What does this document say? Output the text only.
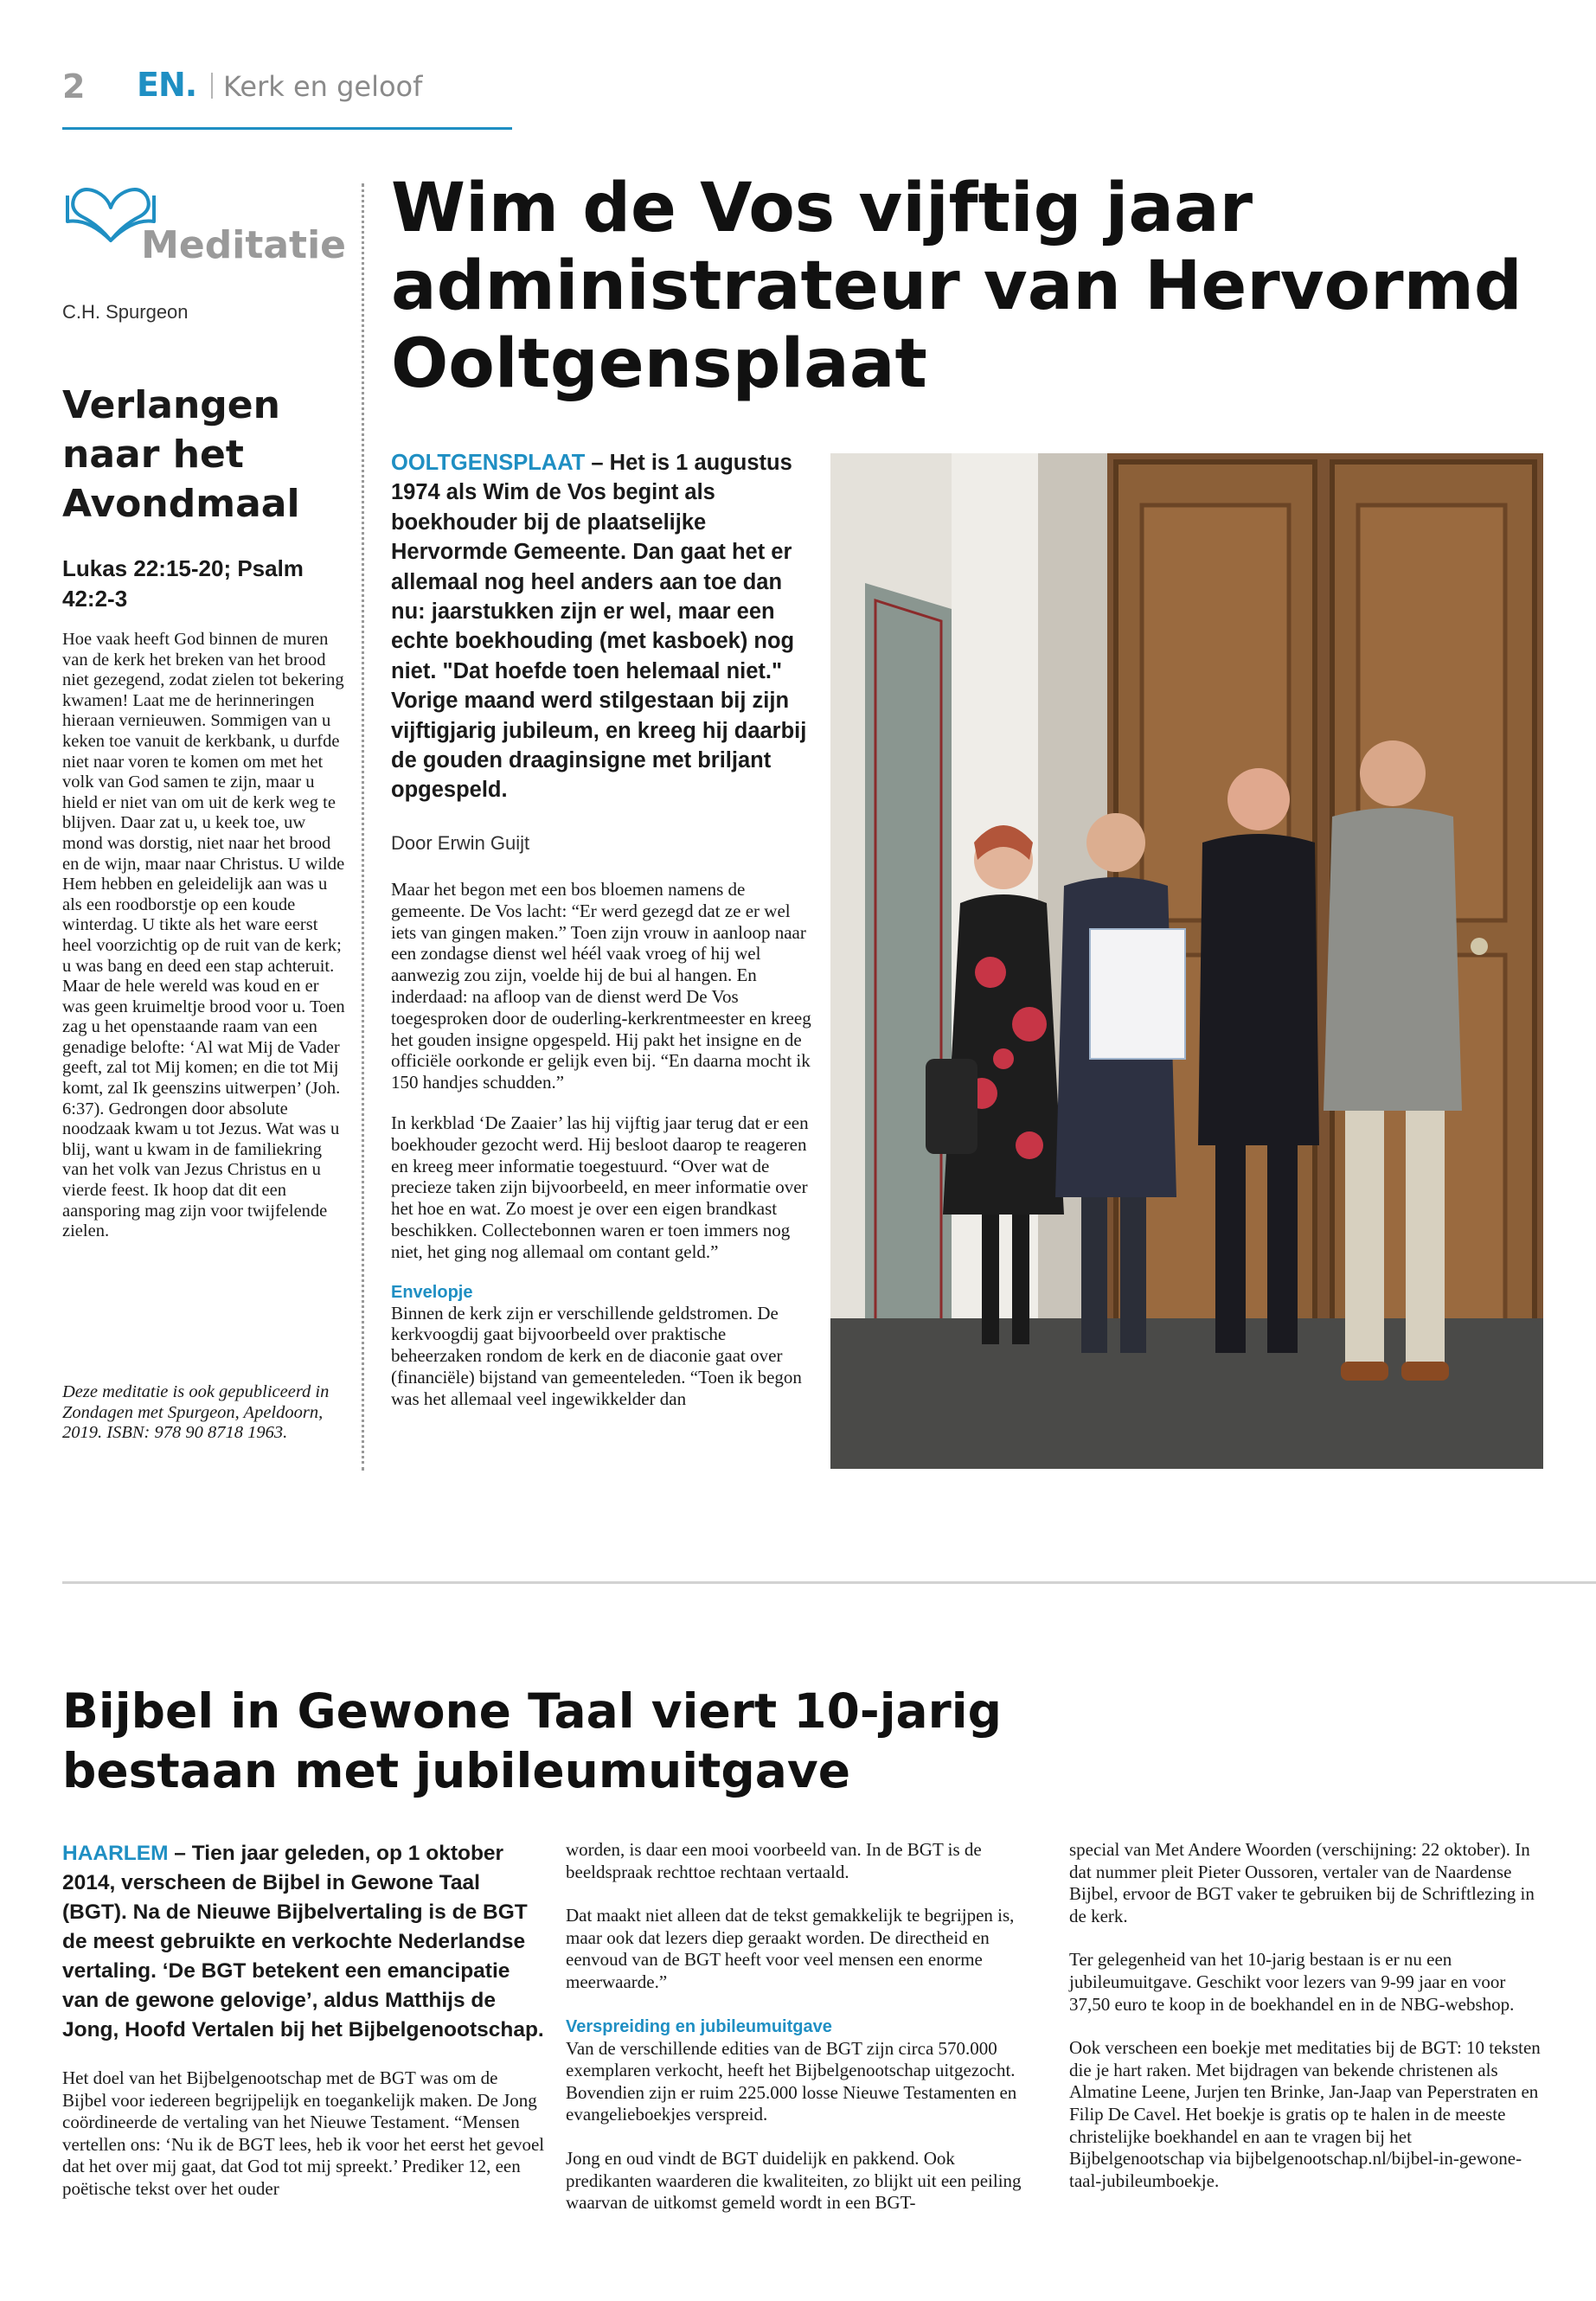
2 EN. Kerk en geloof
Meditatie
C.H. Spurgeon
Verlangen naar het Avondmaal
Lukas 22:15-20; Psalm 42:2-3
Hoe vaak heeft God binnen de muren van de kerk het breken van het brood niet gezegend, zodat zielen tot bekering kwamen! Laat me de herinneringen hieraan vernieuwen. Sommigen van u keken toe vanuit de kerkbank, u durfde niet naar voren te komen om met het volk van God samen te zijn, maar u hield er niet van om uit de kerk weg te blijven. Daar zat u, u keek toe, uw mond was dorstig, niet naar het brood en de wijn, maar naar Christus. U wilde Hem hebben en geleidelijk aan was u als een roodborstje op een koude winterdag. U tikte als het ware eerst heel voorzichtig op de ruit van de kerk; u was bang en deed een stap achteruit. Maar de hele wereld was koud en er was geen kruimeltje brood voor u. Toen zag u het openstaande raam van een genadige belofte: ‘Al wat Mij de Vader geeft, zal tot Mij komen; en die tot Mij komt, zal Ik geenszins uitwerpen’ (Joh. 6:37). Gedrongen door absolute noodzaak kwam u tot Jezus. Wat was u blij, want u kwam in de familiekring van het volk van Jezus Christus en u vierde feest. Ik hoop dat dit een aansporing mag zijn voor twijfelende zielen.
Deze meditatie is ook gepubliceerd in Zondagen met Spurgeon, Apeldoorn, 2019. ISBN: 978 90 8718 1963.
Wim de Vos vijftig jaar administrateur van Hervormd Ooltgensplaat
OOLTGENSPLAAT – Het is 1 augustus 1974 als Wim de Vos begint als boekhouder bij de plaatselijke Hervormde Gemeente. Dan gaat het er allemaal nog heel anders aan toe dan nu: jaarstukken zijn er wel, maar een echte boekhouding (met kasboek) nog niet. "Dat hoefde toen helemaal niet." Vorige maand werd stilgestaan bij zijn vijftigjarig jubileum, en kreeg hij daarbij de gouden draaginsigne met briljant opgespeld.
Door Erwin Guijt

Maar het begon met een bos bloemen namens de gemeente. De Vos lacht: “Er werd gezegd dat ze er wel iets van gingen maken.” Toen zijn vrouw in aanloop naar een zondagse dienst wel héél vaak vroeg of hij wel aanwezig zou zijn, voelde hij de bui al hangen. En inderdaad: na afloop van de dienst werd De Vos toegesproken door de ouderling-kerkrentmeester en kreeg het gouden insigne opgespeld. Hij pakt het insigne en de officiële oorkonde er gelijk even bij. “En daarna mocht ik 150 handjes schudden.”

In kerkblad ‘De Zaaier’ las hij vijftig jaar terug dat er een boekhouder gezocht werd. Hij besloot daarop te reageren en kreeg meer informatie toegestuurd. “Over wat de precieze taken zijn bijvoorbeeld, en meer informatie over het hoe en wat. Zo moest je over een eigen brandkast beschikken. Collectebonnen waren er toen immers nog niet, het ging nog allemaal om contant geld.”

Envelopje
Binnen de kerk zijn er verschillende geldstromen. De kerkvoogdij gaat bijvoorbeeld over praktische beheerzaken rondom de kerk en de diaconie gaat over (financiële) bijstand van gemeenteleden. “Toen ik begon was het allemaal veel ingewikkelder dan
Bijbel in Gewone Taal viert 10-jarig bestaan met jubileumuitgave

HAARLEM – Tien jaar geleden, op 1 oktober 2014, verscheen de Bijbel in Gewone Taal (BGT). Na de Nieuwe Bijbelvertaling is de BGT de meest gebruikte en verkochte Nederlandse vertaling. ‘De BGT betekent een emancipatie van de gewone gelovige’, aldus Matthijs de Jong, Hoofd Vertalen bij het Bijbelgenootschap.

Het doel van het Bijbelgenootschap met de BGT was om de Bijbel voor iedereen begrijpelijk en toegankelijk maken. De Jong coördineerde de vertaling van het Nieuwe Testament. “Mensen vertellen ons: ‘Nu ik de BGT lees, heb ik voor het eerst het gevoel dat het over mij gaat, dat God tot mij spreekt.’ Prediker 12, een poëtische tekst over het ouder

worden, is daar een mooi voorbeeld van. In de BGT is de beeldspraak rechttoe rechtaan vertaald.

Dat maakt niet alleen dat de tekst gemakkelijk te begrijpen is, maar ook dat lezers diep geraakt worden. De directheid en eenvoud van de BGT heeft voor veel mensen een enorme meerwaarde.”

Verspreiding en jubileumuitgave

Van de verschillende edities van de BGT zijn circa 570.000 exemplaren verkocht, heeft het Bijbelgenootschap uitgezocht. Bovendien zijn er ruim 225.000 losse Nieuwe Testamenten en evangelieboekjes verspreid.

Jong en oud vindt de BGT duidelijk en pakkend. Ook predikanten waarderen die kwaliteiten, zo blijkt uit een peiling waarvan de uitkomst gemeld wordt in een BGT-

special van Met Andere Woorden (verschijning: 22 oktober). In dat nummer pleit Pieter Oussoren, vertaler van de Naardense Bijbel, ervoor de BGT vaker te gebruiken bij de Schriftlezing in de kerk.

Ter gelegenheid van het 10-jarig bestaan is er nu een jubileumuitgave. Geschikt voor lezers van 9-99 jaar en voor 37,50 euro te koop in de boekhandel en in de NBG-webshop.

Ook verscheen een boekje met meditaties bij de BGT: 10 teksten die je hart raken. Met bijdragen van bekende christenen als Almatine Leene, Jurjen ten Brinke, Jan-Jaap van Peperstraten en Filip De Cavel. Het boekje is gratis op te halen in de meeste christelijke boekhandel en aan te vragen bij het Bijbelgenootschap via bijbelgenootschap.nl/bijbel-in-gewone-taal-jubileumboekje.
